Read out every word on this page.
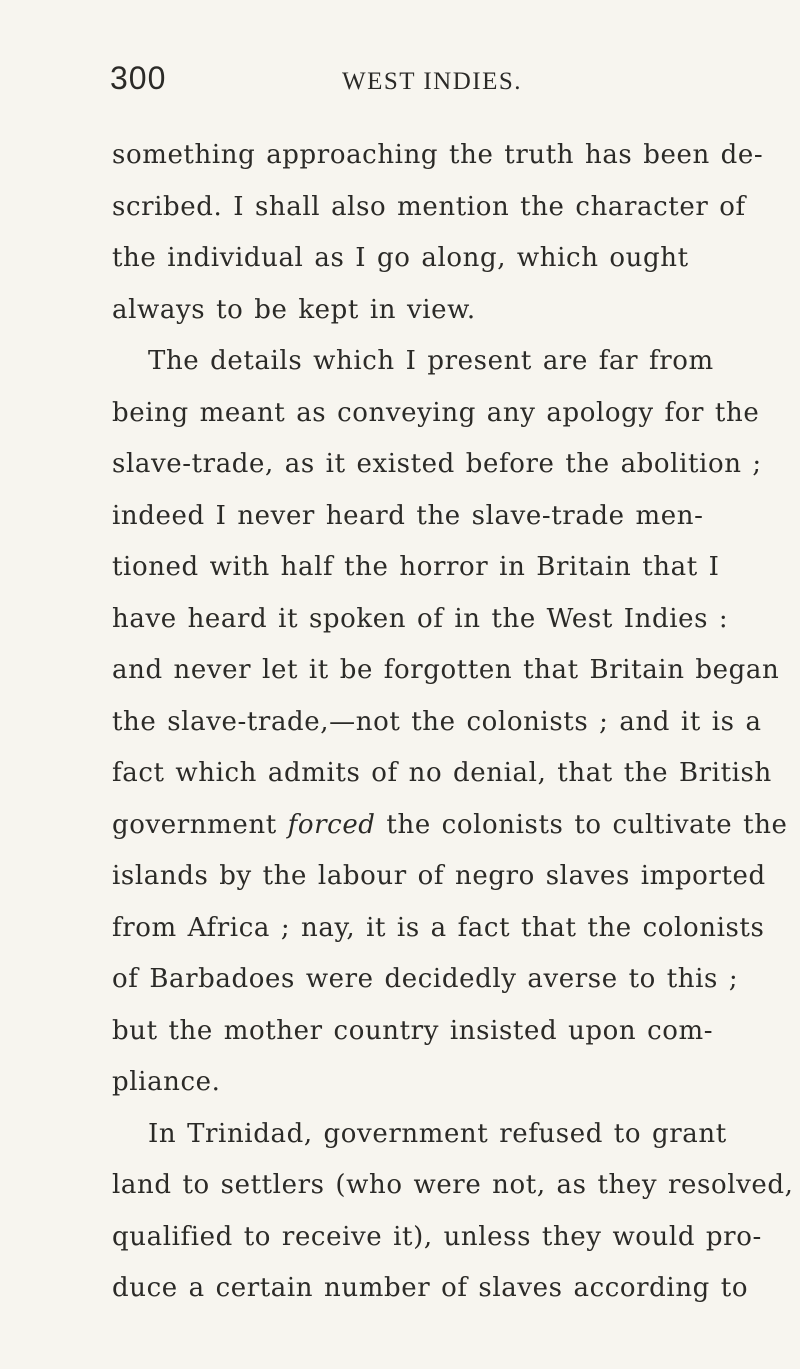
300	WEST INDIES.
something approaching the truth has been de-
scribed. I shall also mention the character of
the individual as I go along, which ought
always to be kept in view.
The details which I present are far from
being meant as conveying any apology for the
slave-trade, as it existed before the abolition ;
indeed I never heard the slave-trade men-
tioned with half the horror in Britain that I
have heard it spoken of in the West Indies :
and never let it be forgotten that Britain began
the slave-trade,—not the colonists ; and it is a
fact which admits of no denial, that the British
government forced the colonists to cultivate the
islands by the labour of negro slaves imported
from Africa ; nay, it is a fact that the colonists
of Barbadoes were decidedly averse to this ;
but the mother country insisted upon com-
pliance.
In Trinidad, government refused to grant
land to settlers (who were not, as they resolved,
qualified to receive it), unless they would pro-
duce a certain number of slaves according to
